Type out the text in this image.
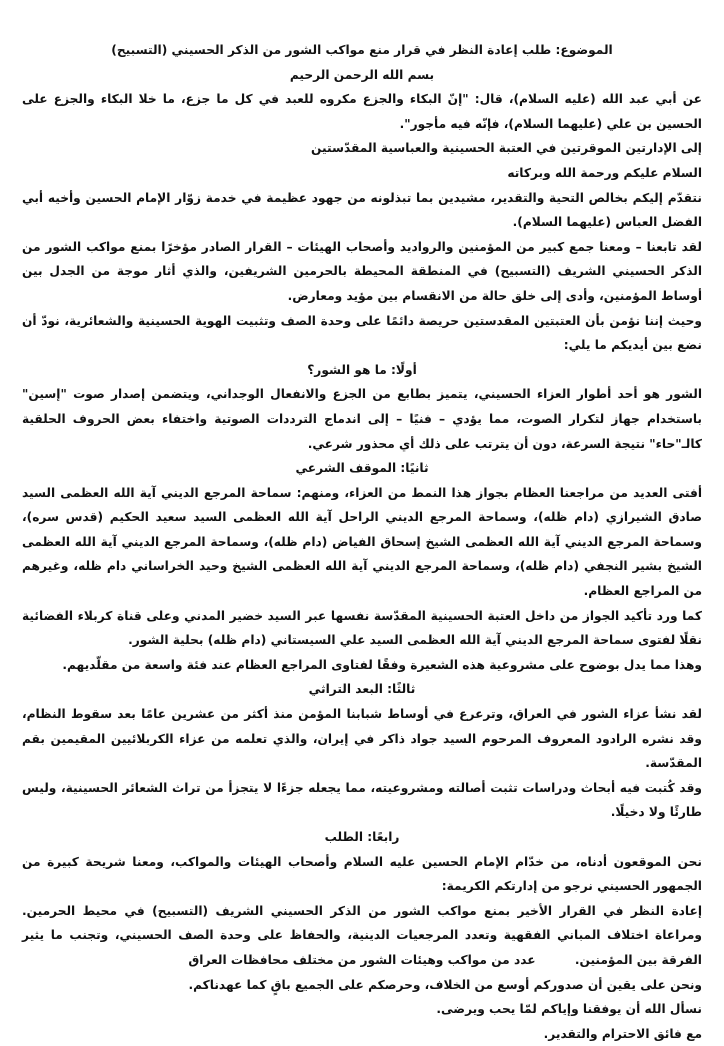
الموضوع: طلب إعادة النظر في قرار منع مواكب الشور من الذكر الحسيني (التسبيح)

بسم الله الرحمن الرحيم

عن أبي عبد الله (عليه السلام)، قال: "إنّ البكاء والجزع مكروه للعبد في كل ما جزع، ما خلا البكاء والجزع على الحسين بن علي (عليهما السلام)، فإنّه فيه مأجور".

إلى الإدارتين الموقرتين في العتبة الحسينية والعباسية المقدّستين

السلام عليكم ورحمة الله وبركاته

نتقدّم إليكم بخالص التحية والتقدير، مشيدين بما تبذلونه من جهود عظيمة في خدمة زوّار الإمام الحسين وأخيه أبي الفضل العباس (عليهما السلام).

لقد تابعنا – ومعنا جمع كبير من المؤمنين والرواديد وأصحاب الهيئات – القرار الصادر مؤخرًا بمنع مواكب الشور من الذكر الحسيني الشريف (التسبيح) في المنطقة المحيطة بالحرمين الشريفين، والذي أثار موجة من الجدل بين أوساط المؤمنين، وأدى إلى خلق حالة من الانقسام بين مؤيد ومعارض.

وحيث إننا نؤمن بأن العتبتين المقدستين حريصة دائمًا على وحدة الصف وتثبيت الهوية الحسينية والشعائرية، نودّ أن نضع بين أيديكم ما يلي:

أولًا: ما هو الشور؟

الشور هو أحد أطوار العزاء الحسيني، يتميز بطابع من الجزع والانفعال الوجداني، ويتضمن إصدار صوت "إسين" باستخدام جهاز لتكرار الصوت، مما يؤدي – فنيًا – إلى اندماج الترددات الصوتية واختفاء بعض الحروف الحلقية كالـ"حاء" نتيجة السرعة، دون أن يترتب على ذلك أي محذور شرعي.

ثانيًا: الموقف الشرعي

أفتى العديد من مراجعنا العظام بجواز هذا النمط من العزاء، ومنهم: سماحة المرجع الديني آية الله العظمى السيد صادق الشيرازي (دام ظله)، وسماحة المرجع الديني الراحل آية الله العظمى السيد سعيد الحكيم (قدس سره)، وسماحة المرجع الديني آية الله العظمى الشيخ إسحاق الفياض (دام ظله)، وسماحة المرجع الديني آية الله العظمى الشيخ بشير النجفي (دام ظله)، وسماحة المرجع الديني آية الله العظمى الشيخ وحيد الخراساني دام ظله، وغيرهم من المراجع العظام.

كما ورد تأكيد الجواز من داخل العتبة الحسينية المقدّسة نفسها عبر السيد خضير المدني وعلى قناة كربلاء الفضائية نقلًا لفتوى سماحة المرجع الديني آية الله العظمى السيد علي السيستاني (دام ظله) بحلية الشور.

وهذا مما يدل بوضوح على مشروعية هذه الشعيرة وفقًا لفتاوى المراجع العظام عند فئة واسعة من مقلّديهم.

ثالثًا: البعد التراثي

لقد نشأ عزاء الشور في العراق، وترعرع في أوساط شبابنا المؤمن منذ أكثر من عشرين عامًا بعد سقوط النظام، وقد نشره الرادود المعروف المرحوم السيد جواد ذاكر في إيران، والذي تعلمه من عزاء الكربلائيين المقيمين بقم المقدّسة.

وقد كُتبت فيه أبحاث ودراسات تثبت أصالته ومشروعيته، مما يجعله جزءًا لا يتجزأ من تراث الشعائر الحسينية، وليس طارئًا ولا دخيلًا.

رابعًا: الطلب

نحن الموقعون أدناه، من خدّام الإمام الحسين عليه السلام وأصحاب الهيئات والمواكب، ومعنا شريحة كبيرة من الجمهور الحسيني نرجو من إدارتكم الكريمة:

إعادة النظر في القرار الأخير بمنع مواكب الشور من الذكر الحسيني الشريف (التسبيح) في محيط الحرمين. ومراعاة اختلاف المباني الفقهية وتعدد المرجعيات الدينية، والحفاظ على وحدة الصف الحسيني، وتجنب ما يثير الفرقة بين المؤمنين.

ونحن على يقين أن صدوركم أوسع من الخلاف، وحرصكم على الجميع باقٍ كما عهدناكم.

نسأل الله أن يوفقنا وإياكم لمّا يحب ويرضى.

مع فائق الاحترام والتقدير.

عدد من مواكب وهيئات الشور من مختلف محافظات العراق
